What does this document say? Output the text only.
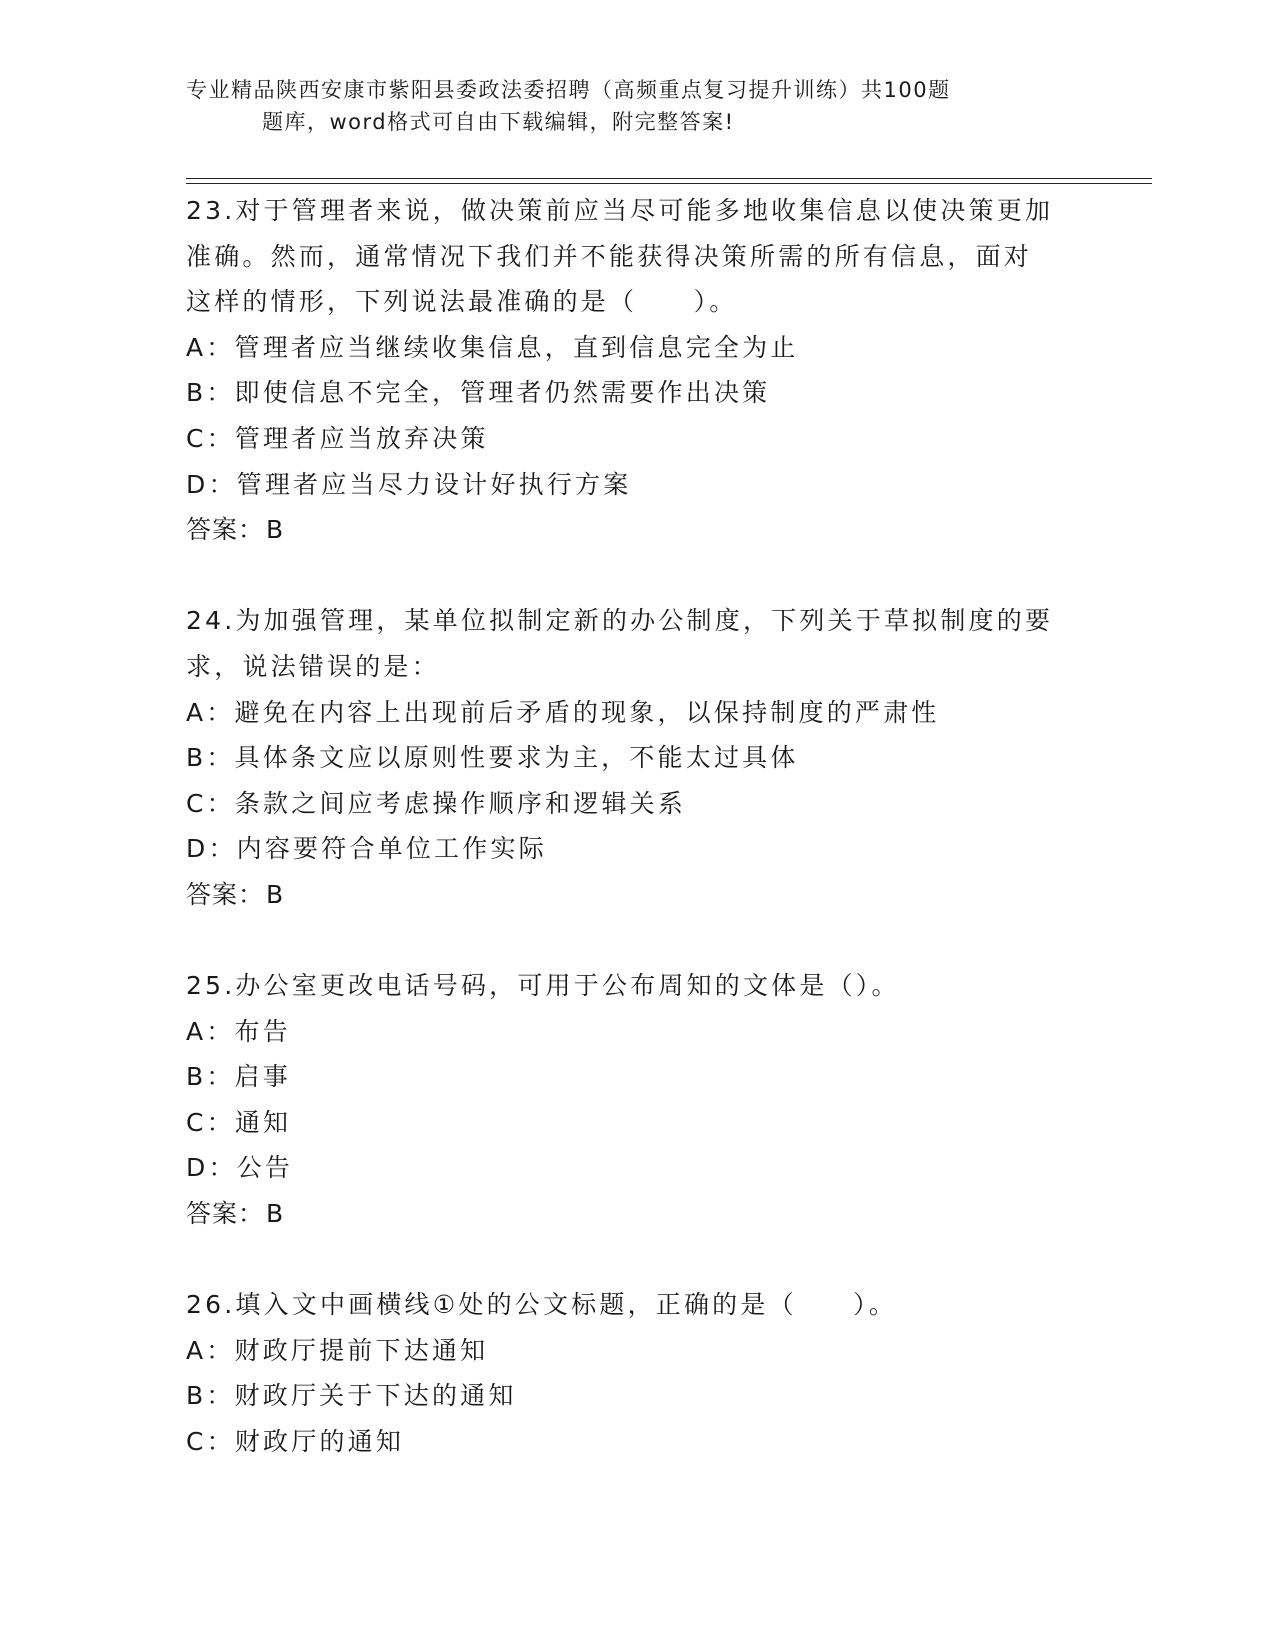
专业精品陕西安康市紫阳县委政法委招聘（高频重点复习提升训练）共100题
题库，word格式可自由下载编辑，附完整答案!
23.对于管理者来说，做决策前应当尽可能多地收集信息以使决策更加
准确。然而，通常情况下我们并不能获得决策所需的所有信息，面对
这样的情形，下列说法最准确的是（　　）。
A：管理者应当继续收集信息，直到信息完全为止
B：即使信息不完全，管理者仍然需要作出决策
C：管理者应当放弃决策
D：管理者应当尽力设计好执行方案
答案：B
24.为加强管理，某单位拟制定新的办公制度，下列关于草拟制度的要
求，说法错误的是：
A：避免在内容上出现前后矛盾的现象，以保持制度的严肃性
B：具体条文应以原则性要求为主，不能太过具体
C：条款之间应考虑操作顺序和逻辑关系
D：内容要符合单位工作实际
答案：B
25.办公室更改电话号码，可用于公布周知的文体是（）。
A：布告
B：启事
C：通知
D：公告
答案：B
26.填入文中画横线①处的公文标题，正确的是（　　）。
A：财政厅提前下达通知
B：财政厅关于下达的通知
C：财政厅的通知
